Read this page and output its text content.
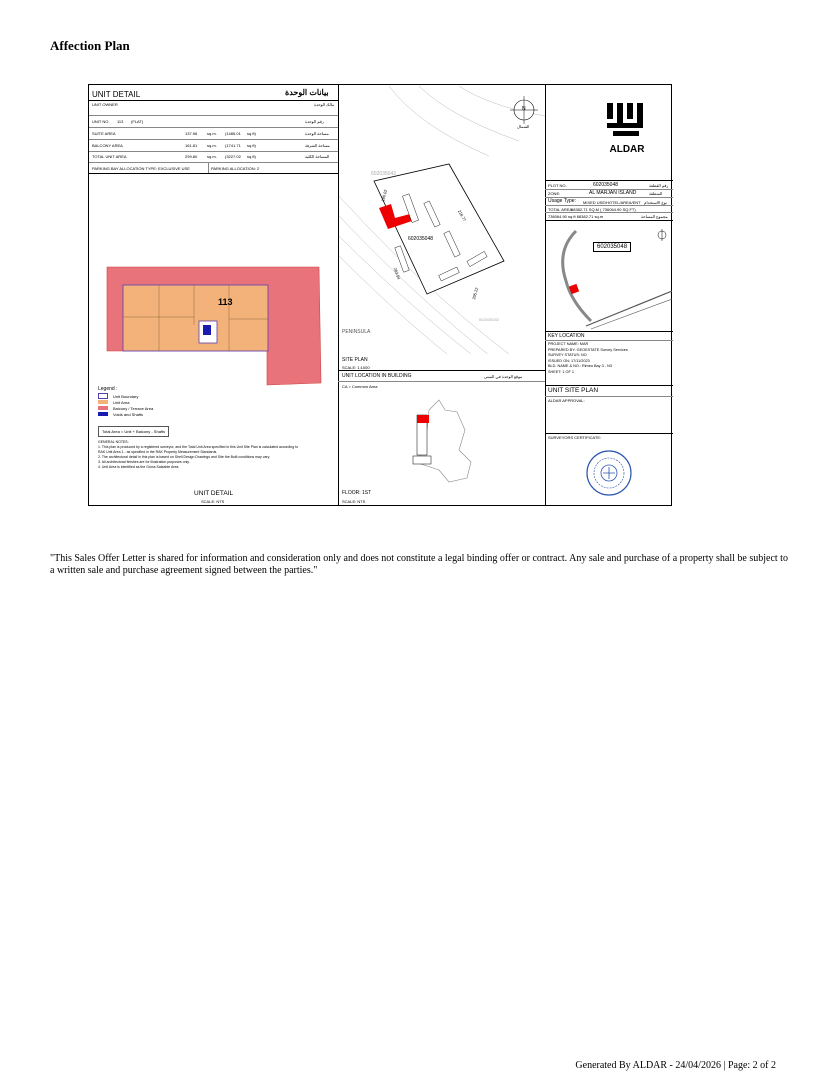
Affection Plan
UNIT DETAIL	بيانات الوحدة
UNIT OWNER	مالك الوحدة
UNIT NO. 113 (FLAT)	رقم الوحدة
SUITE AREA	137.96 sq.m. (1485.01 sq.ft)	مساحة الوحدة
BALCONY AREA	161.81 sq.m. (1741.71 sq.ft)	مساحة الشرفة
TOTAL UNIT AREA	299.80 sq.m. (3227.02 sq.ft)	المساحة الكلية
PARKING BAY ALLOCATION TYPE: EXCLUSIVE USE	PARKING ALLOCATION: 2
113
Legend :
Unit Boundary
Unit Area
Balcony / Terrace Area
Voids and Shafts
Total Area = Unit + Balcony - Shafts
GENERAL NOTES:
1. This plan is produced by a registered surveyor, and the Total Unit Area specified in this Unit Site Plan is calculated according to
RAK Unit Area 1 - as specified in the RAK Property Measurement Standards.
2. The architectural detail in this plan is based on Shell Design Drawings and Site the Built conditions may vary.
3. All architectural finishes are for illustration purposes only.
4. Unit Area is identified as the Gross Saleable Area.
UNIT DETAIL
SCALE: NTS
N
الشمال
602035042
602035048
602035002
180.02
218.77
283.94
205.22
PENINSULA
SITE PLAN
SCALE: 1:1000
UNIT LOCATION IN BUILDING	موقع الوحدة في المبنى
CA = Common Area
FLOOR: 1ST
SCALE: NTS
ALDAR
PLOT NO.	602035048	رقم القطعة
ZONE:	AL MARJAN ISLAND	المنطقة
Usage Type: MIXED USE/HOTEL/AREA/ENT نوع الاستخدام
TOTAL AREA:
68382.71 SQ.M ( 736064.90 SQ.FT)
736064.90 sq.ft 68382.71 sq.m	مجموع المساحة
602035048
KEY LOCATION
PROJECT NAME: MAR
PREPARED BY: GEOESTATE Survey Services
SURVEY STATUS: NO
ISSUED ON: 17/11/2023
BLD. NAME & NO.: Rimeo Bay 3 - N3
SHEET: 1 OF 1
UNIT SITE PLAN
ALDAR APPROVAL:
SURVEYORS CERTIFICATE:
"This Sales Offer Letter is shared for information and consideration only and does not constitute a legal binding offer or contract. Any sale and purchase of a property shall be subject to a written sale and purchase agreement signed between the parties."
Generated By ALDAR - 24/04/2026 | Page: 2 of 2
